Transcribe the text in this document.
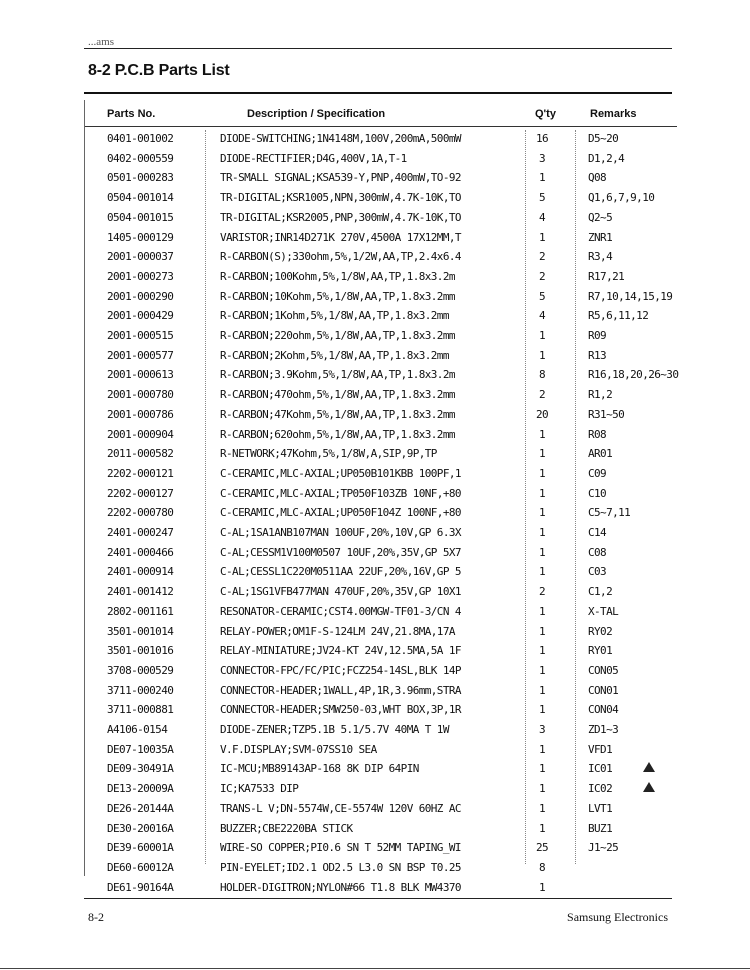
...ams
8-2 P.C.B Parts List
Parts No.	Description / Specification	Q'ty	Remarks
0401-001002	DIODE-SWITCHING;1N4148M,100V,200mA,500mW	16	D5~20
0402-000559	DIODE-RECTIFIER;D4G,400V,1A,T-1	3	D1,2,4
0501-000283	TR-SMALL SIGNAL;KSA539-Y,PNP,400mW,TO-92	1	Q08
0504-001014	TR-DIGITAL;KSR1005,NPN,300mW,4.7K-10K,TO	5	Q1,6,7,9,10
0504-001015	TR-DIGITAL;KSR2005,PNP,300mW,4.7K-10K,TO	4	Q2~5
1405-000129	VARISTOR;INR14D271K 270V,4500A 17X12MM,T	1	ZNR1
2001-000037	R-CARBON(S);330ohm,5%,1/2W,AA,TP,2.4x6.4	2	R3,4
2001-000273	R-CARBON;100Kohm,5%,1/8W,AA,TP,1.8x3.2m	2	R17,21
2001-000290	R-CARBON;10Kohm,5%,1/8W,AA,TP,1.8x3.2mm	5	R7,10,14,15,19
2001-000429	R-CARBON;1Kohm,5%,1/8W,AA,TP,1.8x3.2mm	4	R5,6,11,12
2001-000515	R-CARBON;220ohm,5%,1/8W,AA,TP,1.8x3.2mm	1	R09
2001-000577	R-CARBON;2Kohm,5%,1/8W,AA,TP,1.8x3.2mm	1	R13
2001-000613	R-CARBON;3.9Kohm,5%,1/8W,AA,TP,1.8x3.2m	8	R16,18,20,26~30
2001-000780	R-CARBON;470ohm,5%,1/8W,AA,TP,1.8x3.2mm	2	R1,2
2001-000786	R-CARBON;47Kohm,5%,1/8W,AA,TP,1.8x3.2mm	20	R31~50
2001-000904	R-CARBON;620ohm,5%,1/8W,AA,TP,1.8x3.2mm	1	R08
2011-000582	R-NETWORK;47Kohm,5%,1/8W,A,SIP,9P,TP	1	AR01
2202-000121	C-CERAMIC,MLC-AXIAL;UP050B101KBB 100PF,1	1	C09
2202-000127	C-CERAMIC,MLC-AXIAL;TP050F103ZB 10NF,+80	1	C10
2202-000780	C-CERAMIC,MLC-AXIAL;UP050F104Z 100NF,+80	1	C5~7,11
2401-000247	C-AL;1SA1ANB107MAN 100UF,20%,10V,GP 6.3X	1	C14
2401-000466	C-AL;CESSM1V100M0507 10UF,20%,35V,GP 5X7	1	C08
2401-000914	C-AL;CESSL1C220M0511AA 22UF,20%,16V,GP 5	1	C03
2401-001412	C-AL;1SG1VFB477MAN 470UF,20%,35V,GP 10X1	2	C1,2
2802-001161	RESONATOR-CERAMIC;CST4.00MGW-TF01-3/CN 4	1	X-TAL
3501-001014	RELAY-POWER;OM1F-S-124LM 24V,21.8MA,17A	1	RY02
3501-001016	RELAY-MINIATURE;JV24-KT 24V,12.5MA,5A 1F	1	RY01
3708-000529	CONNECTOR-FPC/FC/PIC;FCZ254-14SL,BLK 14P	1	CON05
3711-000240	CONNECTOR-HEADER;1WALL,4P,1R,3.96mm,STRA	1	CON01
3711-000881	CONNECTOR-HEADER;SMW250-03,WHT BOX,3P,1R	1	CON04
A4106-0154	DIODE-ZENER;TZP5.1B 5.1/5.7V 40MA T 1W	3	ZD1~3
DE07-10035A	V.F.DISPLAY;SVM-07SS10 SEA	1	VFD1
DE09-30491A	IC-MCU;MB89143AP-168 8K DIP 64PIN	1	IC01
DE13-20009A	IC;KA7533 DIP	1	IC02
DE26-20144A	TRANS-L V;DN-5574W,CE-5574W 120V 60HZ AC	1	LVT1
DE30-20016A	BUZZER;CBE2220BA STICK	1	BUZ1
DE39-60001A	WIRE-SO COPPER;PI0.6 SN T 52MM TAPING_WI	25	J1~25
DE60-60012A	PIN-EYELET;ID2.1 OD2.5 L3.0 SN BSP T0.25	8
DE61-90164A	HOLDER-DIGITRON;NYLON#66 T1.8 BLK MW4370	1
8-2	Samsung Electronics
